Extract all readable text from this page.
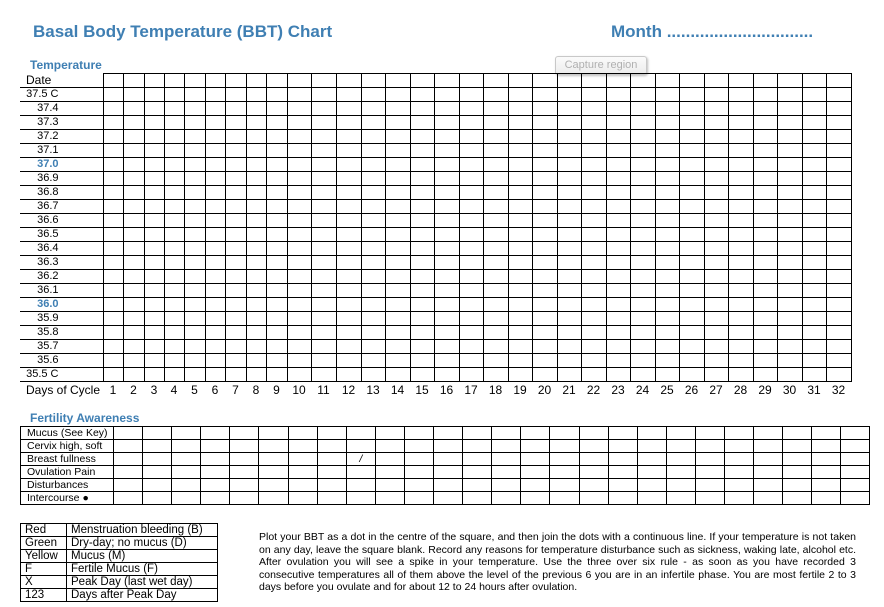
Basal Body Temperature (BBT) Chart	Month ...............................
Temperature	Capture region
Date																																
37.5 C																																
37.4																																
37.3																																
37.2																																
37.1																																
37.0																																
36.9																																
36.8																																
36.7																																
36.6																																
36.5																																
36.4																																
36.3																																
36.2																																
36.1																																
36.0																																
35.9																																
35.8																																
35.7																																
35.6																																
35.5 C																																
Days of Cycle	1	2	3	4	5	6	7	8	9	10	11	12	13	14	15	16	17	18	19	20	21	22	23	24	25	26	27	28	29	30	31	32
Fertility Awareness
Mucus (See Key)																										
Cervix high, soft																										
Breast fullness									/																	
Ovulation Pain																										
Disturbances																										
Intercourse ●																										
Red	Menstruation bleeding (B)
Green	Dry-day; no mucus (D)
Yellow	Mucus (M)
F	Fertile Mucus (F)
X	Peak Day (last wet day)
123	Days after Peak Day
Plot your BBT as a dot in the centre of the square, and then join the dots with a continuous line. If your temperature is not taken on any day, leave the square blank. Record any reasons for temperature disturbance such as sickness, waking late, alcohol etc. After ovulation you will see a spike in your temperature. Use the three over six rule - as soon as you have recorded 3 consecutive temperatures all of them above the level of the previous 6 you are in an infertile phase. You are most fertile 2 to 3 days before you ovulate and for about 12 to 24 hours after ovulation.
